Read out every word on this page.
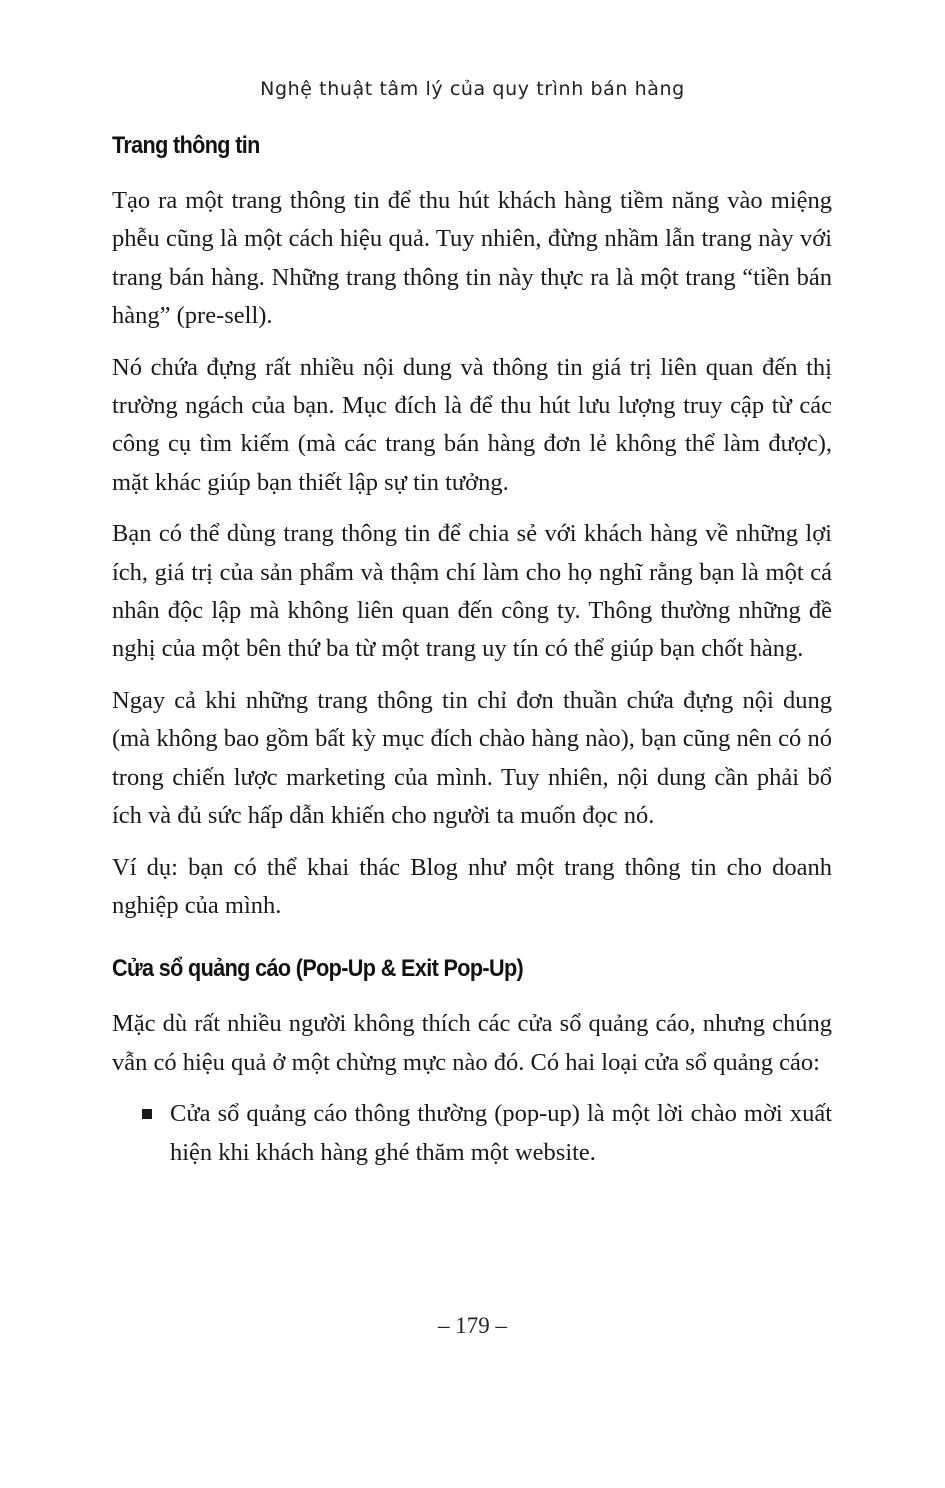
Nghệ thuật tâm lý của quy trình bán hàng
Trang thông tin

Tạo ra một trang thông tin để thu hút khách hàng tiềm năng vào miệng phễu cũng là một cách hiệu quả. Tuy nhiên, đừng nhầm lẫn trang này với trang bán hàng. Những trang thông tin này thực ra là một trang “tiền bán hàng” (pre-sell).

Nó chứa đựng rất nhiều nội dung và thông tin giá trị liên quan đến thị trường ngách của bạn. Mục đích là để thu hút lưu lượng truy cập từ các công cụ tìm kiếm (mà các trang bán hàng đơn lẻ không thể làm được), mặt khác giúp bạn thiết lập sự tin tưởng.

Bạn có thể dùng trang thông tin để chia sẻ với khách hàng về những lợi ích, giá trị của sản phẩm và thậm chí làm cho họ nghĩ rằng bạn là một cá nhân độc lập mà không liên quan đến công ty. Thông thường những đề nghị của một bên thứ ba từ một trang uy tín có thể giúp bạn chốt hàng.

Ngay cả khi những trang thông tin chỉ đơn thuần chứa đựng nội dung (mà không bao gồm bất kỳ mục đích chào hàng nào), bạn cũng nên có nó trong chiến lược marketing của mình. Tuy nhiên, nội dung cần phải bổ ích và đủ sức hấp dẫn khiến cho người ta muốn đọc nó.

Ví dụ: bạn có thể khai thác Blog như một trang thông tin cho doanh nghiệp của mình.

Cửa sổ quảng cáo (Pop-Up & Exit Pop-Up)

Mặc dù rất nhiều người không thích các cửa sổ quảng cáo, nhưng chúng vẫn có hiệu quả ở một chừng mực nào đó. Có hai loại cửa sổ quảng cáo:

Cửa sổ quảng cáo thông thường (pop-up) là một lời chào mời xuất hiện khi khách hàng ghé thăm một website.
– 179 –
